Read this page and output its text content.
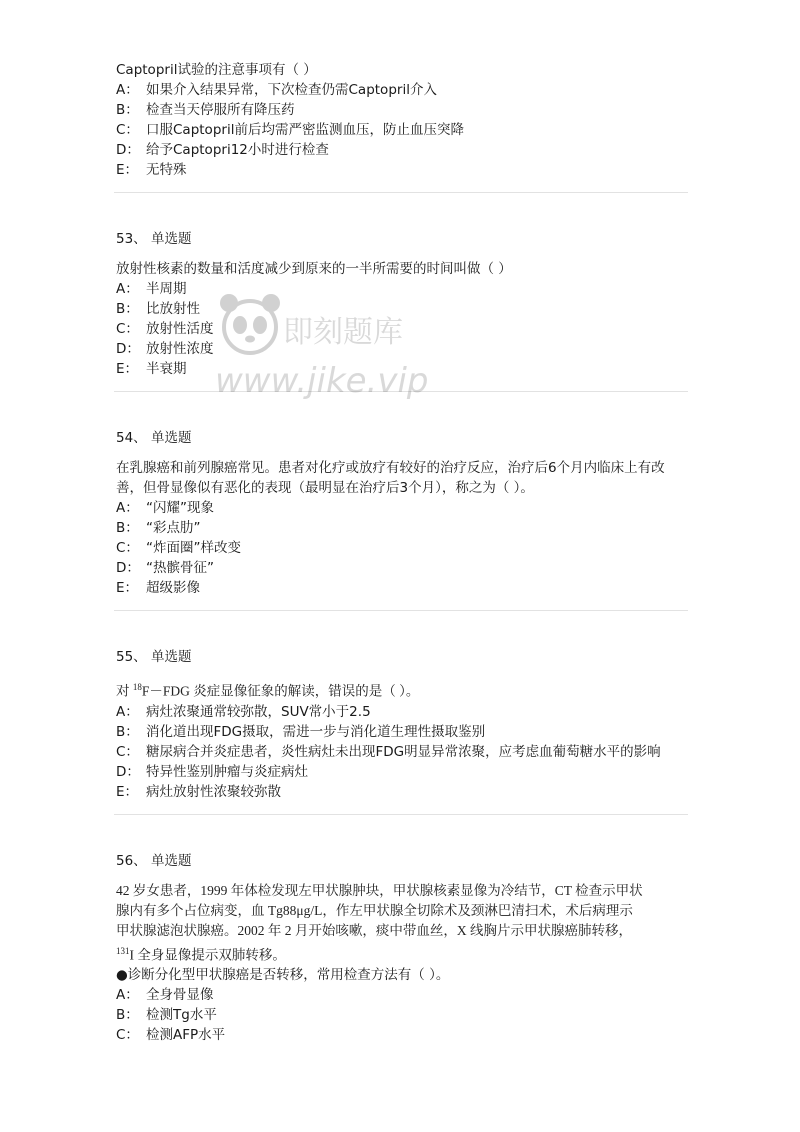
Captopril试验的注意事项有（ ）
A： 如果介入结果异常，下次检查仍需Captopril介入
B： 检查当天停服所有降压药
C： 口服Captopril前后均需严密监测血压，防止血压突降
D： 给予Captopri12小时进行检查
E： 无特殊
53、 单选题
放射性核素的数量和活度减少到原来的一半所需要的时间叫做（ ）
A： 半周期
B： 比放射性
C： 放射性活度
D： 放射性浓度
E： 半衰期
54、 单选题
在乳腺癌和前列腺癌常见。患者对化疗或放疗有较好的治疗反应，治疗后6个月内临床上有改善，但骨显像似有恶化的表现（最明显在治疗后3个月），称之为（ ）。
A： “闪耀”现象
B： “彩点肋”
C： “炸面圈”样改变
D： “热髌骨征”
E： 超级影像
55、 单选题
对 $^{18}$F－FDG 炎症显像征象的解读，错误的是（ ）。
A： 病灶浓聚通常较弥散，SUV常小于2.5
B： 消化道出现FDG摄取，需进一步与消化道生理性摄取鉴别
C： 糖尿病合并炎症患者，炎性病灶未出现FDG明显异常浓聚，应考虑血葡萄糖水平的影响
D： 特异性鉴别肿瘤与炎症病灶
E： 病灶放射性浓聚较弥散
56、 单选题
42 岁女患者，1999 年体检发现左甲状腺肿块，甲状腺核素显像为冷结节，CT 检查示甲状
腺内有多个占位病变，血 Tg88μg/L，作左甲状腺全切除术及颈淋巴清扫术，术后病理示
甲状腺滤泡状腺癌。2002 年 2 月开始咳嗽，痰中带血丝，X 线胸片示甲状腺癌肺转移，
$^{131}$I 全身显像提示双肺转移。
●诊断分化型甲状腺癌是否转移，常用检查方法有（ ）。
A： 全身骨显像
B： 检测Tg水平
C： 检测AFP水平
即刻题库
www.jike.vip
